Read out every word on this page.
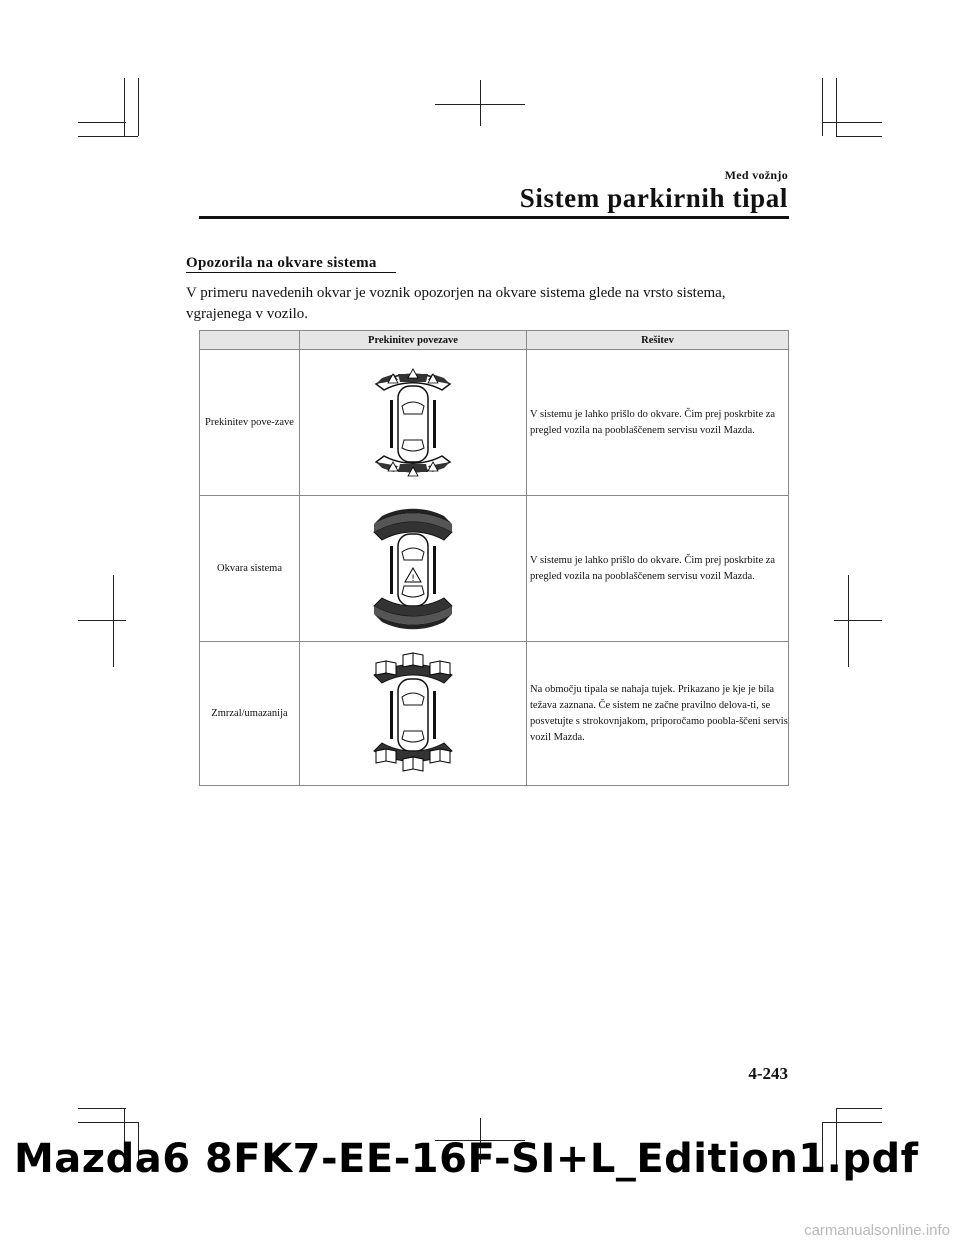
Med vožnjo
Sistem parkirnih tipal
Opozorila na okvare sistema
V primeru navedenih okvar je voznik opozorjen na okvare sistema glede na vrsto sistema, vgrajenega v vozilo.
	Prekinitev povezave	Rešitev
Prekinitev pove-zave		V sistemu je lahko prišlo do okvare. Čim prej poskrbite za pregled vozila na pooblaščenem servisu vozil Mazda.
Okvara sistema	!	V sistemu je lahko prišlo do okvare. Čim prej poskrbite za pregled vozila na pooblaščenem servisu vozil Mazda.
Zmrzal/umazanija		Na območju tipala se nahaja tujek. Prikazano je kje je bila težava zaznana. Če sistem ne začne pravilno delova-ti, se posvetujte s strokovnjakom, priporočamo poobla-ščeni servis vozil Mazda.
4-243
Mazda6 8FK7-EE-16F-SI+L_Edition1.pdf
carmanualsonline.info
